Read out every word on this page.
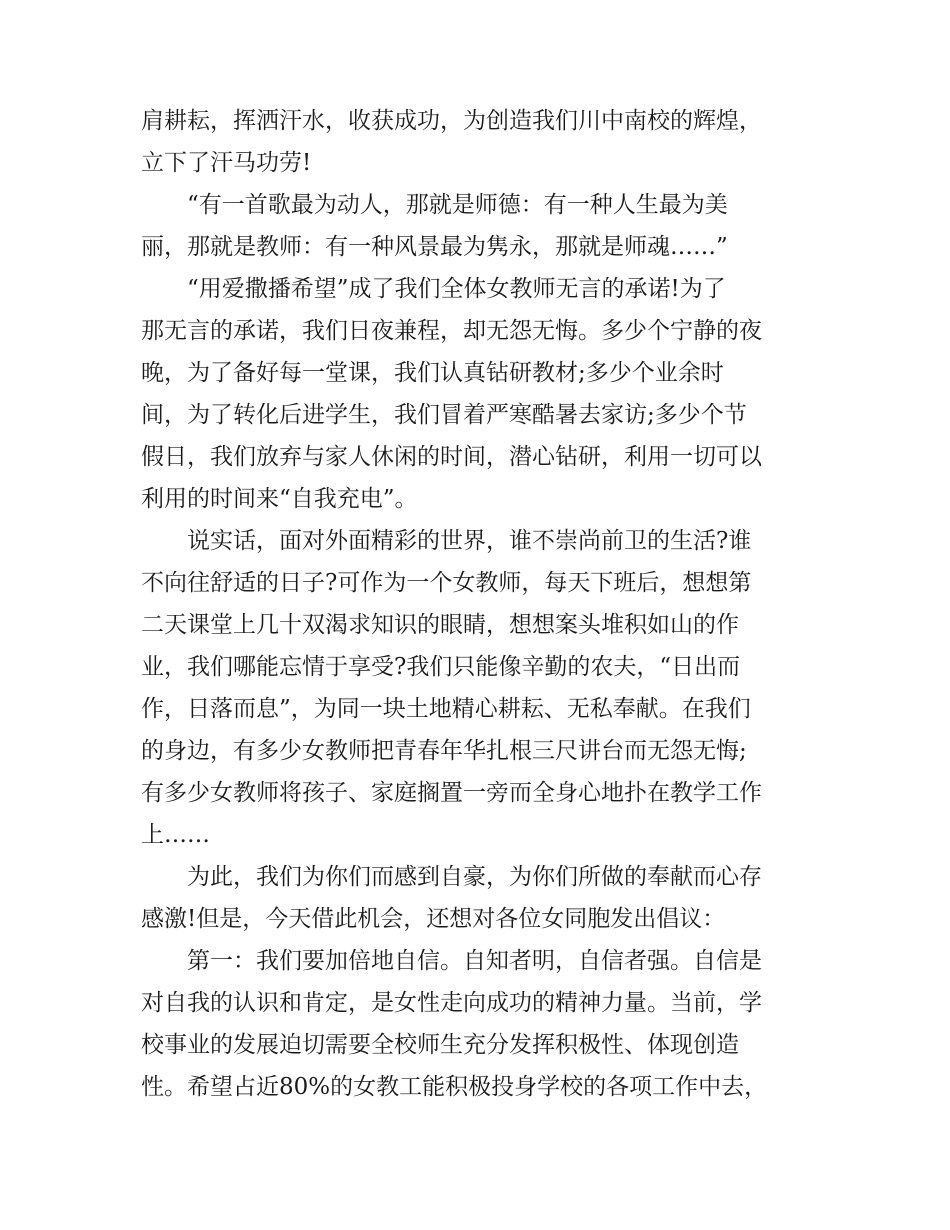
肩耕耘，挥洒汗水，收获成功，为创造我们川中南校的辉煌，
立下了汗马功劳!
“有一首歌最为动人，那就是师德：有一种人生最为美
丽，那就是教师：有一种风景最为隽永，那就是师魂……”
“用爱撒播希望”成了我们全体女教师无言的承诺!为了
那无言的承诺，我们日夜兼程，却无怨无悔。多少个宁静的夜
晚，为了备好每一堂课，我们认真钻研教材;多少个业余时
间，为了转化后进学生，我们冒着严寒酷暑去家访;多少个节
假日，我们放弃与家人休闲的时间，潜心钻研，利用一切可以
利用的时间来“自我充电”。
说实话，面对外面精彩的世界，谁不崇尚前卫的生活?谁
不向往舒适的日子?可作为一个女教师，每天下班后，想想第
二天课堂上几十双渴求知识的眼睛，想想案头堆积如山的作
业，我们哪能忘情于享受?我们只能像辛勤的农夫，“日出而
作，日落而息”，为同一块土地精心耕耘、无私奉献。在我们
的身边，有多少女教师把青春年华扎根三尺讲台而无怨无悔;
有多少女教师将孩子、家庭搁置一旁而全身心地扑在教学工作
上……
为此，我们为你们而感到自豪，为你们所做的奉献而心存
感激!但是，今天借此机会，还想对各位女同胞发出倡议：
第一：我们要加倍地自信。自知者明，自信者强。自信是
对自我的认识和肯定，是女性走向成功的精神力量。当前，学
校事业的发展迫切需要全校师生充分发挥积极性、体现创造
性。希望占近80%的女教工能积极投身学校的各项工作中去，
